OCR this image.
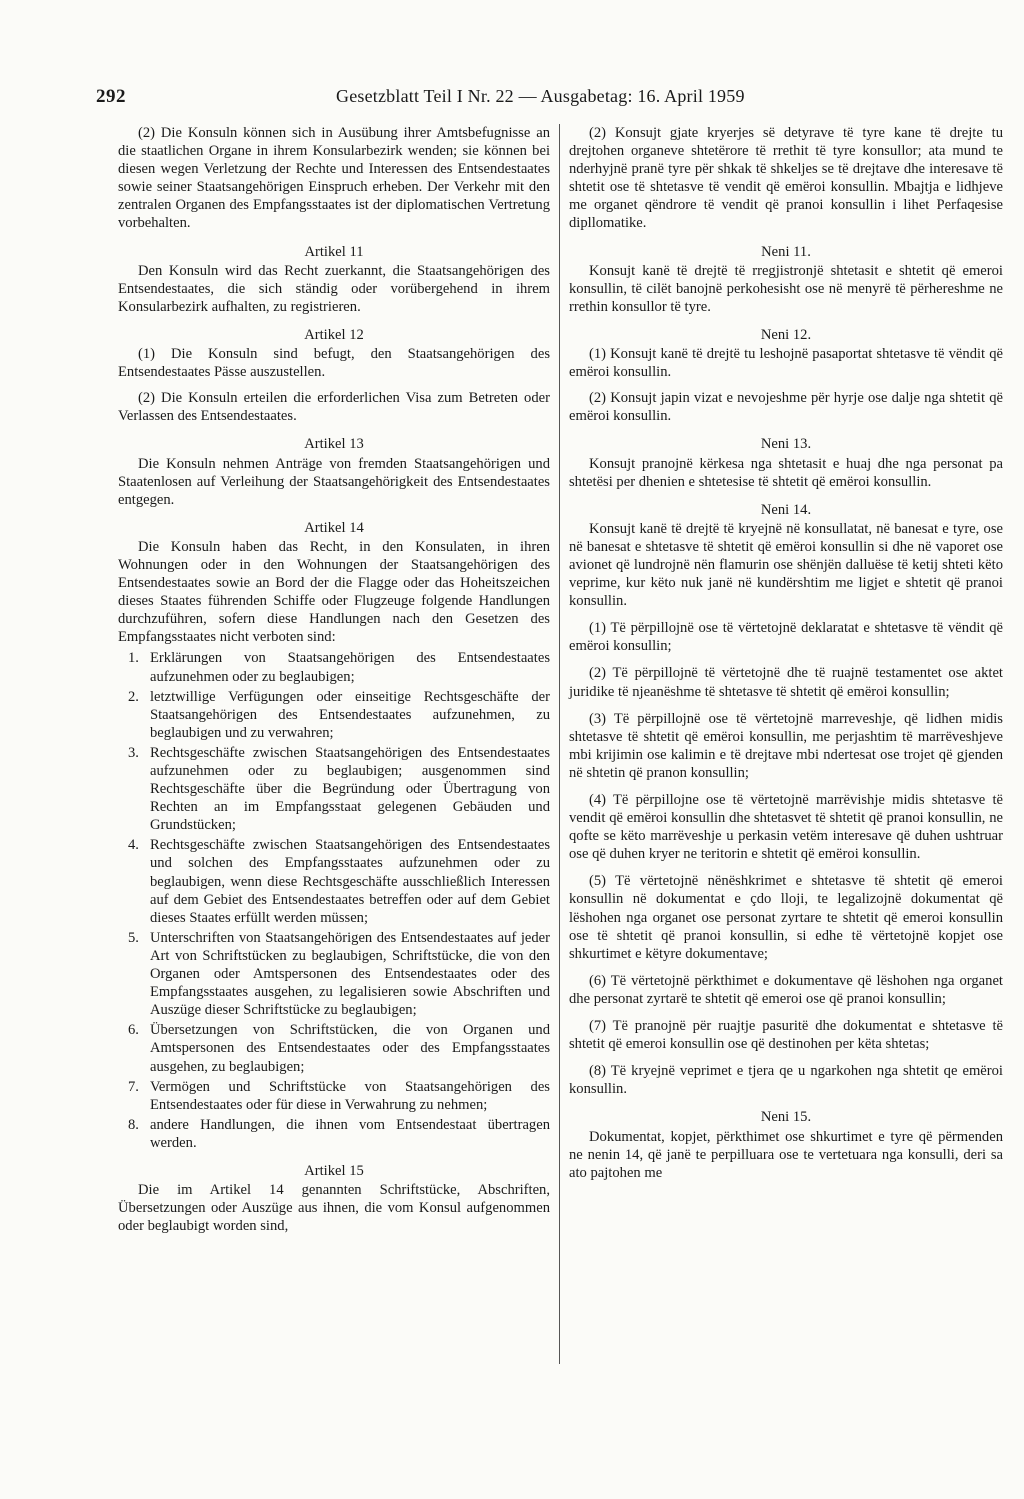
292	Gesetzblatt Teil I Nr. 22 — Ausgabetag: 16. April 1959

(2) Die Konsuln können sich in Ausübung ihrer Amtsbefugnisse an die staatlichen Organe in ihrem Konsularbezirk wenden; sie können bei diesen wegen Verletzung der Rechte und Interessen des Entsendestaates sowie seiner Staatsangehörigen Einspruch erheben. Der Verkehr mit den zentralen Organen des Empfangsstaates ist der diplomatischen Vertretung vorbehalten.

Artikel 11

Den Konsuln wird das Recht zuerkannt, die Staatsangehörigen des Entsendestaates, die sich ständig oder vorübergehend in ihrem Konsularbezirk aufhalten, zu registrieren.

Artikel 12

(1) Die Konsuln sind befugt, den Staatsangehörigen des Entsendestaates Pässe auszustellen.

(2) Die Konsuln erteilen die erforderlichen Visa zum Betreten oder Verlassen des Entsendestaates.

Artikel 13

Die Konsuln nehmen Anträge von fremden Staatsangehörigen und Staatenlosen auf Verleihung der Staatsangehörigkeit des Entsendestaates entgegen.

Artikel 14

Die Konsuln haben das Recht, in den Konsulaten, in ihren Wohnungen oder in den Wohnungen der Staatsangehörigen des Entsendestaates sowie an Bord der die Flagge oder das Hoheitszeichen dieses Staates führenden Schiffe oder Flugzeuge folgende Handlungen durchzuführen, sofern diese Handlungen nach den Gesetzen des Empfangsstaates nicht verboten sind:

1. Erklärungen von Staatsangehörigen des Entsendestaates aufzunehmen oder zu beglaubigen;
2. letztwillige Verfügungen oder einseitige Rechtsgeschäfte der Staatsangehörigen des Entsendestaates aufzunehmen, zu beglaubigen und zu verwahren;
3. Rechtsgeschäfte zwischen Staatsangehörigen des Entsendestaates aufzunehmen oder zu beglaubigen; ausgenommen sind Rechtsgeschäfte über die Begründung oder Übertragung von Rechten an im Empfangsstaat gelegenen Gebäuden und Grundstücken;
4. Rechtsgeschäfte zwischen Staatsangehörigen des Entsendestaates und solchen des Empfangsstaates aufzunehmen oder zu beglaubigen, wenn diese Rechtsgeschäfte ausschließlich Interessen auf dem Gebiet des Entsendestaates betreffen oder auf dem Gebiet dieses Staates erfüllt werden müssen;
5. Unterschriften von Staatsangehörigen des Entsendestaates auf jeder Art von Schriftstücken zu beglaubigen, Schriftstücke, die von den Organen oder Amtspersonen des Entsendestaates oder des Empfangsstaates ausgehen, zu legalisieren sowie Abschriften und Auszüge dieser Schriftstücke zu beglaubigen;
6. Übersetzungen von Schriftstücken, die von Organen und Amtspersonen des Entsendestaates oder des Empfangsstaates ausgehen, zu beglaubigen;
7. Vermögen und Schriftstücke von Staatsangehörigen des Entsendestaates oder für diese in Verwahrung zu nehmen;
8. andere Handlungen, die ihnen vom Entsendestaat übertragen werden.

Artikel 15

Die im Artikel 14 genannten Schriftstücke, Abschriften, Übersetzungen oder Auszüge aus ihnen, die vom Konsul aufgenommen oder beglaubigt worden sind,

(2) Konsujt gjate kryerjes së detyrave të tyre kane të drejte tu drejtohen organeve shtetërore të rrethit të tyre konsullor; ata mund te nderhyjnë pranë tyre për shkak të shkeljes se të drejtave dhe interesave të shtetit ose të shtetasve të vendit që emëroi konsullin. Mbajtja e lidhjeve me organet qëndrore të vendit që pranoi konsullin i lihet Perfaqesise dipllomatike.

Neni 11.

Konsujt kanë të drejtë të rregjistronjë shtetasit e shtetit që emeroi konsullin, të cilët banojnë perkohesisht ose në menyrë të përhereshme ne rrethin konsullor të tyre.

Neni 12.

(1) Konsujt kanë të drejtë tu leshojnë pasaportat shtetasve të vëndit që emëroi konsullin.

(2) Konsujt japin vizat e nevojeshme për hyrje ose dalje nga shtetit që emëroi konsullin.

Neni 13.

Konsujt pranojnë kërkesa nga shtetasit e huaj dhe nga personat pa shtetësi per dhenien e shtetesise të shtetit që emëroi konsullin.

Neni 14.

Konsujt kanë të drejtë të kryejnë në konsullatat, në banesat e tyre, ose në banesat e shtetasve të shtetit që emëroi konsullin si dhe në vaporet ose avionet që lundrojnë nën flamurin ose shënjën dalluëse të ketij shteti këto veprime, kur këto nuk janë në kundërshtim me ligjet e shtetit që pranoi konsullin.

(1) Të përpillojnë ose të vërtetojnë deklaratat e shtetasve të vëndit që emëroi konsullin;

(2) Të përpillojnë të vërtetojnë dhe të ruajnë testamentet ose aktet juridike të njeanëshme të shtetasve të shtetit që emëroi konsullin;

(3) Të përpillojnë ose të vërtetojnë marreveshje, që lidhen midis shtetasve të shtetit që emëroi konsullin, me perjashtim të marrëveshjeve mbi krijimin ose kalimin e të drejtave mbi ndertesat ose trojet që gjenden në shtetin që pranon konsullin;

(4) Të përpillojne ose të vërtetojnë marrëvishje midis shtetasve të vendit që emëroi konsullin dhe shtetasvet të shtetit që pranoi konsullin, ne qofte se këto marrëveshje u perkasin vetëm interesave që duhen ushtruar ose që duhen kryer ne teritorin e shtetit që emëroi konsullin.

(5) Të vërtetojnë nënëshkrimet e shtetasve të shtetit që emeroi konsullin në dokumentat e çdo lloji, te legalizojnë dokumentat që lëshohen nga organet ose personat zyrtare te shtetit që emeroi konsullin ose të shtetit që pranoi konsullin, si edhe të vërtetojnë kopjet ose shkurtimet e këtyre dokumentave;

(6) Të vërtetojnë përkthimet e dokumentave që lëshohen nga organet dhe personat zyrtarë te shtetit që emeroi ose që pranoi konsullin;

(7) Të pranojnë për ruajtje pasuritë dhe dokumentat e shtetasve të shtetit që emeroi konsullin ose që destinohen per këta shtetas;

(8) Të kryejnë veprimet e tjera qe u ngarkohen nga shtetit qe emëroi konsullin.

Neni 15.

Dokumentat, kopjet, përkthimet ose shkurtimet e tyre që përmenden ne nenin 14, që janë te perpilluara ose te vertetuara nga konsulli, deri sa ato pajtohen me
